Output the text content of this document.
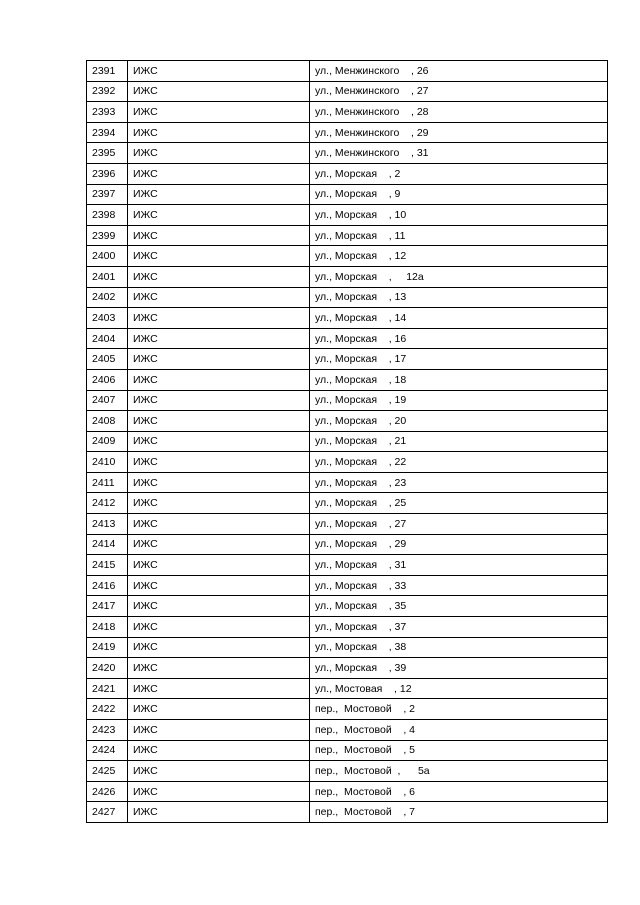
2391	ИЖС	ул., Менжинского    , 26
2392	ИЖС	ул., Менжинского    , 27
2393	ИЖС	ул., Менжинского    , 28
2394	ИЖС	ул., Менжинского    , 29
2395	ИЖС	ул., Менжинского    , 31
2396	ИЖС	ул., Морская    , 2
2397	ИЖС	ул., Морская    , 9
2398	ИЖС	ул., Морская    , 10
2399	ИЖС	ул., Морская    , 11
2400	ИЖС	ул., Морская    , 12
2401	ИЖС	ул., Морская    ,     12а
2402	ИЖС	ул., Морская    , 13
2403	ИЖС	ул., Морская    , 14
2404	ИЖС	ул., Морская    , 16
2405	ИЖС	ул., Морская    , 17
2406	ИЖС	ул., Морская    , 18
2407	ИЖС	ул., Морская    , 19
2408	ИЖС	ул., Морская    , 20
2409	ИЖС	ул., Морская    , 21
2410	ИЖС	ул., Морская    , 22
2411	ИЖС	ул., Морская    , 23
2412	ИЖС	ул., Морская    , 25
2413	ИЖС	ул., Морская    , 27
2414	ИЖС	ул., Морская    , 29
2415	ИЖС	ул., Морская    , 31
2416	ИЖС	ул., Морская    , 33
2417	ИЖС	ул., Морская    , 35
2418	ИЖС	ул., Морская    , 37
2419	ИЖС	ул., Морская    , 38
2420	ИЖС	ул., Морская    , 39
2421	ИЖС	ул., Мостовая    , 12
2422	ИЖС	пер.,  Мостовой    , 2
2423	ИЖС	пер.,  Мостовой    , 4
2424	ИЖС	пер.,  Мостовой    , 5
2425	ИЖС	пер.,  Мостовой  ,      5а
2426	ИЖС	пер.,  Мостовой    , 6
2427	ИЖС	пер.,  Мостовой    , 7
